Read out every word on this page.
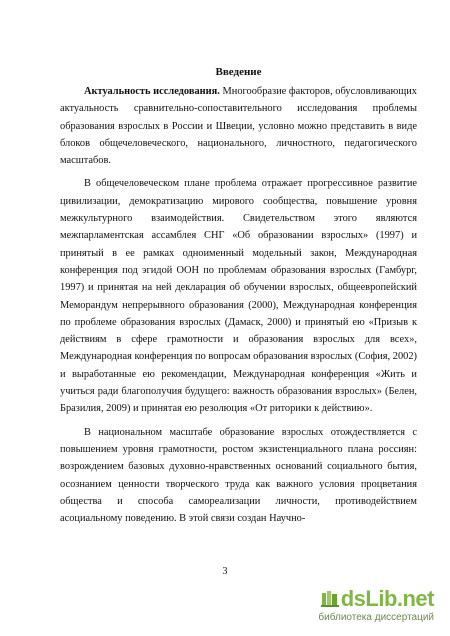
Введение

Актуальность исследования. Многообразие факторов, обусловливающих актуальность сравнительно-сопоставительного исследования проблемы образования взрослых в России и Швеции, условно можно представить в виде блоков общечеловеческого, национального, личностного, педагогического масштабов.

В общечеловеческом плане проблема отражает прогрессивное развитие цивилизации, демократизацию мирового сообщества, повышение уровня межкультурного взаимодействия. Свидетельством этого являются межпарламентская ассамблея СНГ «Об образовании взрослых» (1997) и принятый в ее рамках одноименный модельный закон, Международная конференция под эгидой ООН по проблемам образования взрослых (Гамбург, 1997) и принятая на ней декларация об обучении взрослых, общеевропейский Меморандум непрерывного образования (2000), Международная конференция по проблеме образования взрослых (Дамаск, 2000) и принятый ею «Призыв к действиям в сфере грамотности и образования взрослых для всех», Международная конференция по вопросам образования взрослых (София, 2002) и выработанные ею рекомендации, Международная конференция «Жить и учиться ради благополучия будущего: важность образования взрослых» (Белен, Бразилия, 2009) и принятая ею резолюция «От риторики к действию».

В национальном масштабе образование взрослых отождествляется с повышением уровня грамотности, ростом экзистенциального плана россиян: возрождением базовых духовно-нравственных оснований социального бытия, осознанием ценности творческого труда как важного условия процветания общества и способа самореализации личности, противодействием асоциальному поведению. В этой связи создан Научно-

3
dsLib.net
библиотека диссертаций
